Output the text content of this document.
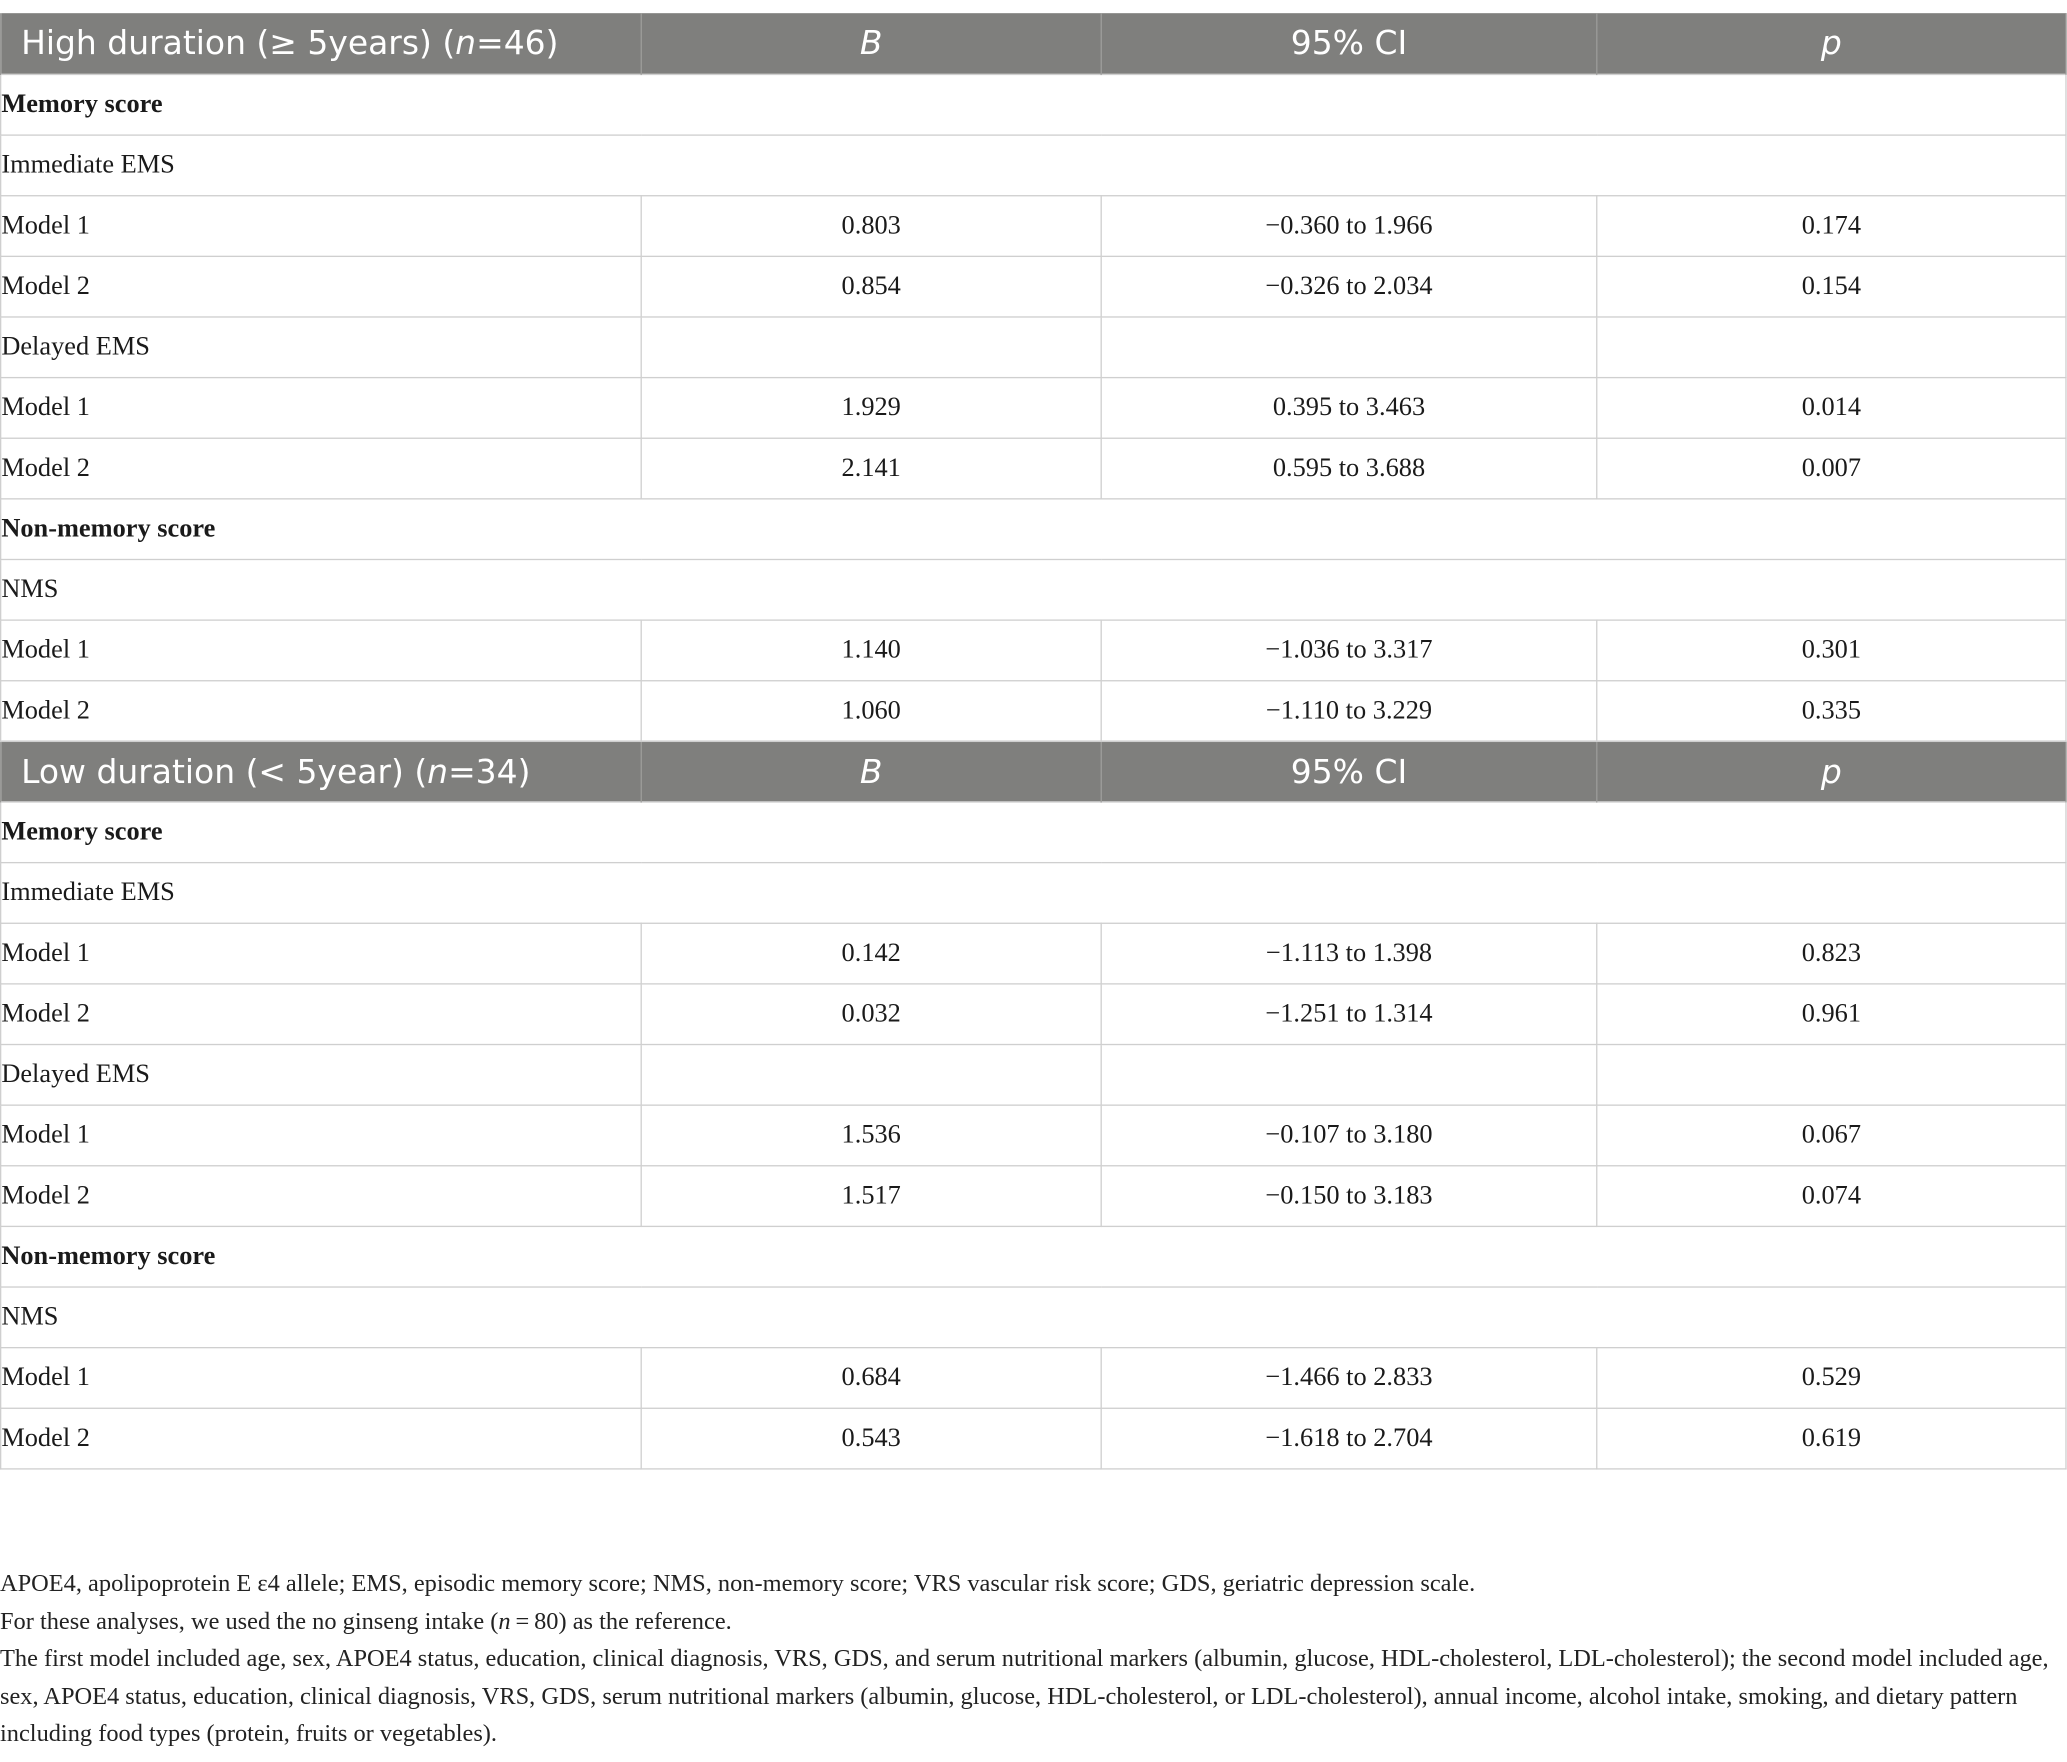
High duration (≥ 5years) (n=46)	B	95% CI	p
Memory score			
Immediate EMS			
Model 1	0.803	−0.360 to 1.966	0.174
Model 2	0.854	−0.326 to 2.034	0.154
Delayed EMS			
Model 1	1.929	0.395 to 3.463	0.014
Model 2	2.141	0.595 to 3.688	0.007
Non-memory score			
NMS			
Model 1	1.140	−1.036 to 3.317	0.301
Model 2	1.060	−1.110 to 3.229	0.335
Low duration (< 5year) (n=34)	B	95% CI	p
Memory score			
Immediate EMS			
Model 1	0.142	−1.113 to 1.398	0.823
Model 2	0.032	−1.251 to 1.314	0.961
Delayed EMS			
Model 1	1.536	−0.107 to 3.180	0.067
Model 2	1.517	−0.150 to 3.183	0.074
Non-memory score			
NMS			
Model 1	0.684	−1.466 to 2.833	0.529
Model 2	0.543	−1.618 to 2.704	0.619

APOE4, apolipoprotein E ε4 allele; EMS, episodic memory score; NMS, non-memory score; VRS vascular risk score; GDS, geriatric depression scale.

For these analyses, we used the no ginseng intake (n = 80) as the reference.

The first model included age, sex, APOE4 status, education, clinical diagnosis, VRS, GDS, and serum nutritional markers (albumin, glucose, HDL-cholesterol, LDL-cholesterol); the second model included age, sex, APOE4 status, education, clinical diagnosis, VRS, GDS, serum nutritional markers (albumin, glucose, HDL-cholesterol, or LDL-cholesterol), annual income, alcohol intake, smoking, and dietary pattern including food types (protein, fruits or vegetables).
